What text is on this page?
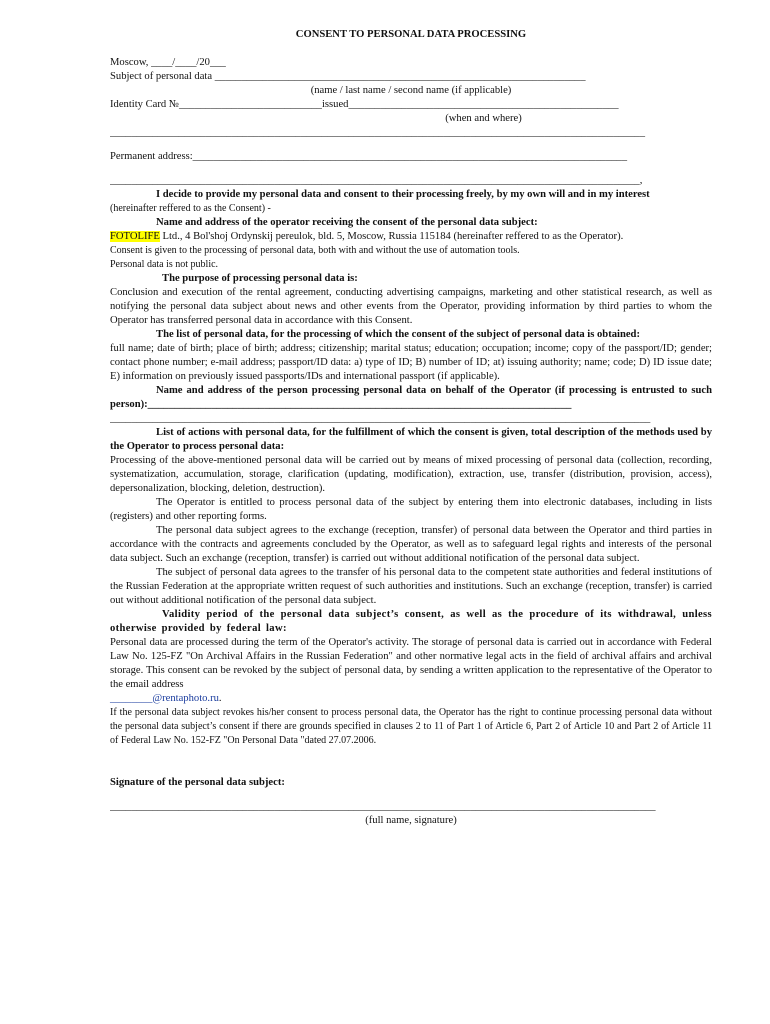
CONSENT TO PERSONAL DATA PROCESSING

Moscow, ____/____/20___

Subject of personal data ______________________________________________________________________

(name / last name / second name (if applicable)

Identity Card №___________________________issued___________________________________________________

(when and where)

_____________________________________________________________________________________________________

Permanent address:__________________________________________________________________________________

____________________________________________________________________________________________________,

I decide to provide my personal data and consent to their processing freely, by my own will and in my interest

(hereinafter reffered to as the Consent) -

Name and address of the operator receiving the consent of the personal data subject:

FOTOLIFE Ltd., 4 Bol'shoj Ordynskij pereulok, bld. 5, Moscow, Russia 115184 (hereinafter reffered to as the Operator).

Consent is given to the processing of personal data, both with and without the use of automation tools.

Personal data is not public.

The purpose of processing personal data is:

Conclusion and execution of the rental agreement, conducting advertising campaigns, marketing and other statistical research, as well as notifying the personal data subject about news and other events from the Operator, providing information by third parties to whom the Operator has transferred personal data in accordance with this Consent.

The list of personal data, for the processing of which the consent of the subject of personal data is obtained:

full name; date of birth; place of birth; address; citizenship; marital status; education; occupation; income; copy of the passport/ID; gender; contact phone number; e-mail address; passport/ID data: a) type of ID; B) number of ID; at) issuing authority; name; code; D) ID issue date; E) information on previously issued passports/IDs and international passport (if applicable).

Name and address of the person processing personal data on behalf of the Operator (if processing is entrusted to such person):________________________________________________________________________________

______________________________________________________________________________________________________

List of actions with personal data, for the fulfillment of which the consent is given, total description of the methods used by the Operator to process personal data:

Processing of the above-mentioned personal data will be carried out by means of mixed processing of personal data (collection, recording, systematization, accumulation, storage, clarification (updating, modification), extraction, use, transfer (distribution, provision, access), depersonalization, blocking, deletion, destruction).

The Operator is entitled to process personal data of the subject by entering them into electronic databases, including in lists (registers) and other reporting forms.

The personal data subject agrees to the exchange (reception, transfer) of personal data between the Operator and third parties in accordance with the contracts and agreements concluded by the Operator, as well as to safeguard legal rights and interests of the personal data subject. Such an exchange (reception, transfer) is carried out without additional notification of the personal data subject.

The subject of personal data agrees to the transfer of his personal data to the competent state authorities and federal institutions of the Russian Federation at the appropriate written request of such authorities and institutions. Such an exchange (reception, transfer) is carried out without additional notification of the personal data subject.

Validity period of the personal data subject’s consent, as well as the procedure of its withdrawal, unless otherwise provided by federal law:

Personal data are processed during the term of the Operator's activity. The storage of personal data is carried out in accordance with Federal Law No. 125-FZ "On Archival Affairs in the Russian Federation" and other normative legal acts in the field of archival affairs and archival storage. This consent can be revoked by the subject of personal data, by sending a written application to the representative of the Operator to the email address

________@rentaphoto.ru.

If the personal data subject revokes his/her consent to process personal data, the Operator has the right to continue processing personal data without the personal data subject’s consent if there are grounds specified in clauses 2 to 11 of Part 1 of Article 6, Part 2 of Article 10 and Part 2 of Article 11 of Federal Law No. 152-FZ "On Personal Data "dated 27.07.2006.

Signature of the personal data subject:

_______________________________________________________________________________________________________

(full name, signature)
